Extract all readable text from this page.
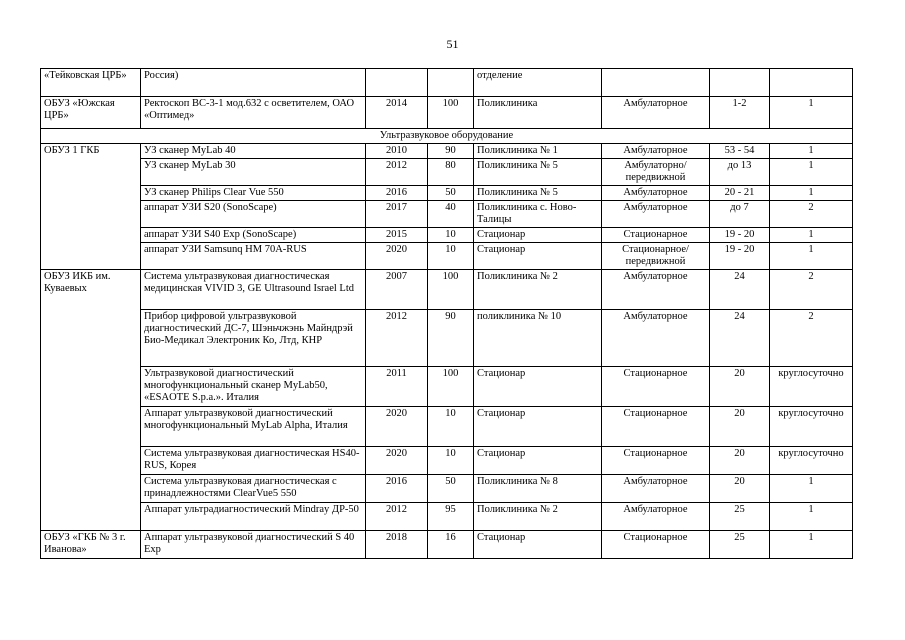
51
«Тейковская ЦРБ»	Россия)			отделение			
ОБУЗ «Южская ЦРБ»	Ректоскоп ВС-3-1 мод.632 с осветителем, ОАО «Оптимед»	2014	100	Поликлиника	Амбулаторное	1-2	1
Ультразвуковое оборудование							
ОБУЗ 1 ГКБ	УЗ сканер MyLab 40	2010	90	Поликлиника № 1	Амбулаторное	53 - 54	1
	УЗ сканер MyLab 30	2012	80	Поликлиника № 5	Амбулаторно/ передвижной	до 13	1
	УЗ сканер Philips Clear Vue 550	2016	50	Поликлиника № 5	Амбулаторное	20 - 21	1
	аппарат УЗИ S20 (SonoScape)	2017	40	Поликлиника с. Ново-Талицы	Амбулаторное	до 7	2
	аппарат УЗИ S40 Exp (SonoScape)	2015	10	Стационар	Стационарное	19 - 20	1
	аппарат УЗИ Samsunq HM 70A-RUS	2020	10	Стационар	Стационарное/ передвижной	19 - 20	1
ОБУЗ ИКБ им. Куваевых	Система ультразвуковая диагностическая медицинская VIVID 3, GE Ultrasound Israel Ltd	2007	100	Поликлиника № 2	Амбулаторное	24	2
	Прибор цифровой ультразвуковой диагностический ДС-7, Шэньчжэнь Майндрэй Био-Медикал Электроник Ко, Лтд, КНР	2012	90	поликлиника № 10	Амбулаторное	24	2
	Ультразвуковой диагностический многофункциональный сканер MyLab50, «ESAOTE S.p.a.». Италия	2011	100	Стационар	Стационарное	20	круглосуточно
	Аппарат ультразвуковой диагностический многофункциональный MyLab Alpha, Италия	2020	10	Стационар	Стационарное	20	круглосуточно
	Система ультразвуковая диагностическая HS40-RUS, Корея	2020	10	Стационар	Стационарное	20	круглосуточно
	Система ультразвуковая диагностическая с принадлежностями ClearVue5 550	2016	50	Поликлиника № 8	Амбулаторное	20	1
	Аппарат ультрадиагностический Mindray ДР-50	2012	95	Поликлиника № 2	Амбулаторное	25	1
ОБУЗ «ГКБ № 3 г. Иванова»	Аппарат ультразвуковой диагностический S 40 Exp	2018	16	Стационар	Стационарное	25	1
